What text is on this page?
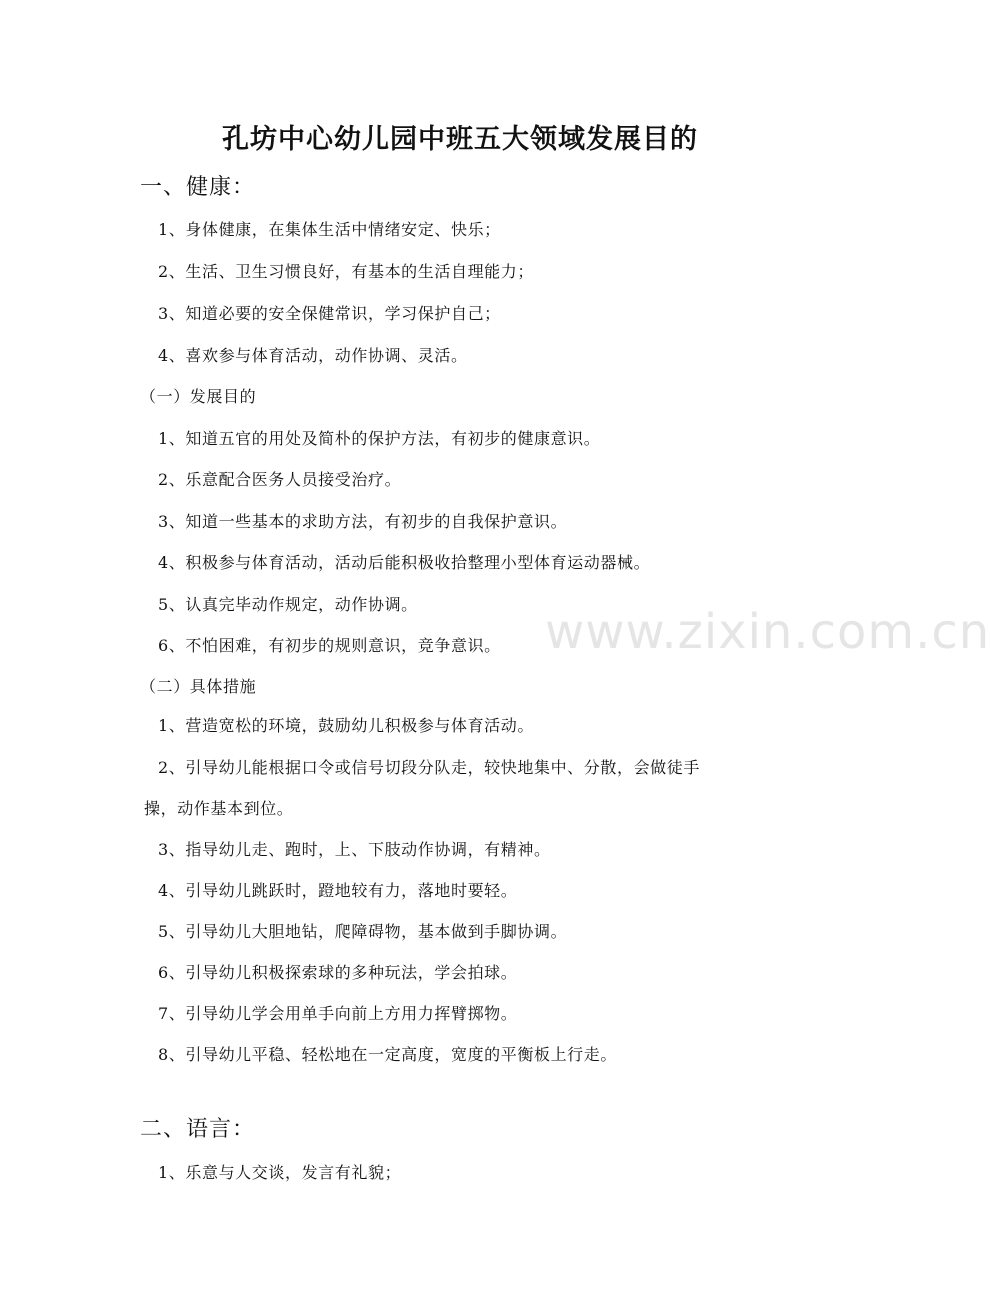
孔坊中心幼儿园中班五大领域发展目的
一、健康：
1、身体健康，在集体生活中情绪安定、快乐；
2、生活、卫生习惯良好，有基本的生活自理能力；
3、知道必要的安全保健常识，学习保护自己；
4、喜欢参与体育活动，动作协调、灵活。
（一）发展目的
1、知道五官的用处及简朴的保护方法，有初步的健康意识。
2、乐意配合医务人员接受治疗。
3、知道一些基本的求助方法，有初步的自我保护意识。
4、积极参与体育活动，活动后能积极收拾整理小型体育运动器械。
5、认真完毕动作规定，动作协调。
6、不怕困难，有初步的规则意识，竞争意识。
（二）具体措施
1、营造宽松的环境，鼓励幼儿积极参与体育活动。
2、引导幼儿能根据口令或信号切段分队走，较快地集中、分散，会做徒手
操，动作基本到位。
3、指导幼儿走、跑时，上、下肢动作协调，有精神。
4、引导幼儿跳跃时，蹬地较有力，落地时要轻。
5、引导幼儿大胆地钻，爬障碍物，基本做到手脚协调。
6、引导幼儿积极探索球的多种玩法，学会拍球。
7、引导幼儿学会用单手向前上方用力挥臂掷物。
8、引导幼儿平稳、轻松地在一定高度，宽度的平衡板上行走。
二、语言：
1、乐意与人交谈，发言有礼貌；
www.zixin.com.cn
